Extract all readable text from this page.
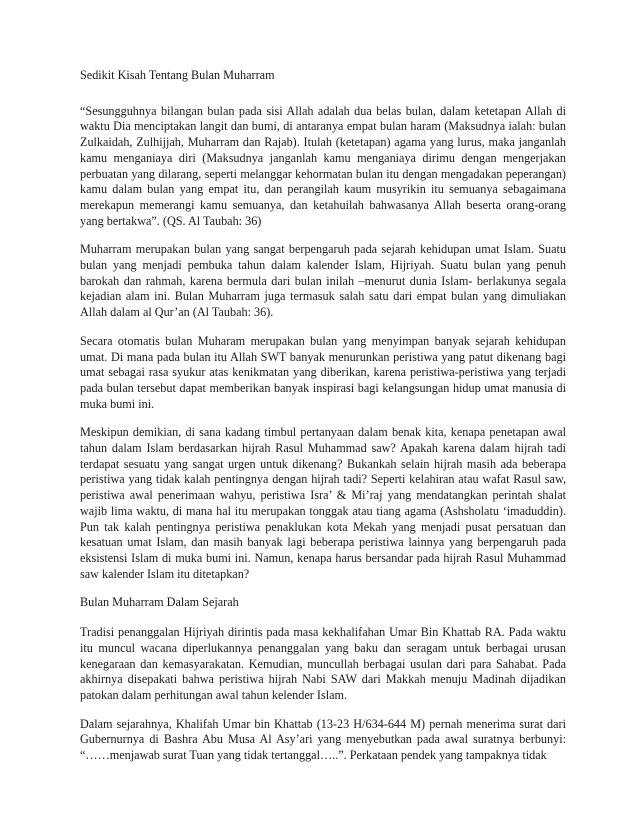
Sedikit Kisah Tentang Bulan Muharram

“Sesungguhnya bilangan bulan pada sisi Allah adalah dua belas bulan, dalam ketetapan Allah di waktu Dia menciptakan langit dan bumi, di antaranya empat bulan haram (Maksudnya ialah: bulan Zulkaidah, Zulhijjah, Muharram dan Rajab). Itulah (ketetapan) agama yang lurus, maka janganlah kamu menganiaya diri (Maksudnya janganlah kamu menganiaya dirimu dengan mengerjakan perbuatan yang dilarang, seperti melanggar kehormatan bulan itu dengan mengadakan peperangan) kamu dalam bulan yang empat itu, dan perangilah kaum musyrikin itu semuanya sebagaimana merekapun memerangi kamu semuanya, dan ketahuilah bahwasanya Allah beserta orang-orang yang bertakwa”. (QS. Al Taubah: 36)

Muharram merupakan bulan yang sangat berpengaruh pada sejarah kehidupan umat Islam. Suatu bulan yang menjadi pembuka tahun dalam kalender Islam, Hijriyah. Suatu bulan yang penuh barokah dan rahmah, karena bermula dari bulan inilah –menurut dunia Islam- berlakunya segala kejadian alam ini. Bulan Muharram juga termasuk salah satu dari empat bulan yang dimuliakan Allah dalam al Qur’an (Al Taubah: 36).

Secara otomatis bulan Muharam merupakan bulan yang menyimpan banyak sejarah kehidupan umat. Di mana pada bulan itu Allah SWT banyak menurunkan peristiwa yang patut dikenang bagi umat sebagai rasa syukur atas kenikmatan yang diberikan, karena peristiwa-peristiwa yang terjadi pada bulan tersebut dapat memberikan banyak inspirasi bagi kelangsungan hidup umat manusia di muka bumi ini.

Meskipun demikian, di sana kadang timbul pertanyaan dalam benak kita, kenapa penetapan awal tahun dalam Islam berdasarkan hijrah Rasul Muhammad saw? Apakah karena dalam hijrah tadi terdapat sesuatu yang sangat urgen untuk dikenang? Bukankah selain hijrah masih ada beberapa peristiwa yang tidak kalah pentingnya dengan hijrah tadi? Seperti kelahiran atau wafat Rasul saw, peristiwa awal penerimaan wahyu, peristiwa Isra’ & Mi’raj yang mendatangkan perintah shalat wajib lima waktu, di mana hal itu merupakan tonggak atau tiang agama (Ashsholatu ‘imaduddin). Pun tak kalah pentingnya peristiwa penaklukan kota Mekah yang menjadi pusat persatuan dan kesatuan umat Islam, dan masih banyak lagi beberapa peristiwa lainnya yang berpengaruh pada eksistensi Islam di muka bumi ini. Namun, kenapa harus bersandar pada hijrah Rasul Muhammad saw kalender Islam itu ditetapkan?

Bulan Muharram Dalam Sejarah

Tradisi penanggalan Hijriyah dirintis pada masa kekhalifahan Umar Bin Khattab RA. Pada waktu itu muncul wacana diperlukannya penanggalan yang baku dan seragam untuk berbagai urusan kenegaraan dan kemasyarakatan. Kemudian, muncullah berbagai usulan dari para Sahabat. Pada akhirnya disepakati bahwa peristiwa hijrah Nabi SAW dari Makkah menuju Madinah dijadikan patokan dalam perhitungan awal tahun kelender Islam.

Dalam sejarahnya, Khalifah Umar bin Khattab (13-23 H/634-644 M) pernah menerima surat dari Gubernurnya di Bashra Abu Musa Al Asy’ari yang menyebutkan pada awal suratnya berbunyi: “……menjawab surat Tuan yang tidak tertanggal…..”. Perkataan pendek yang tampaknya tidak
